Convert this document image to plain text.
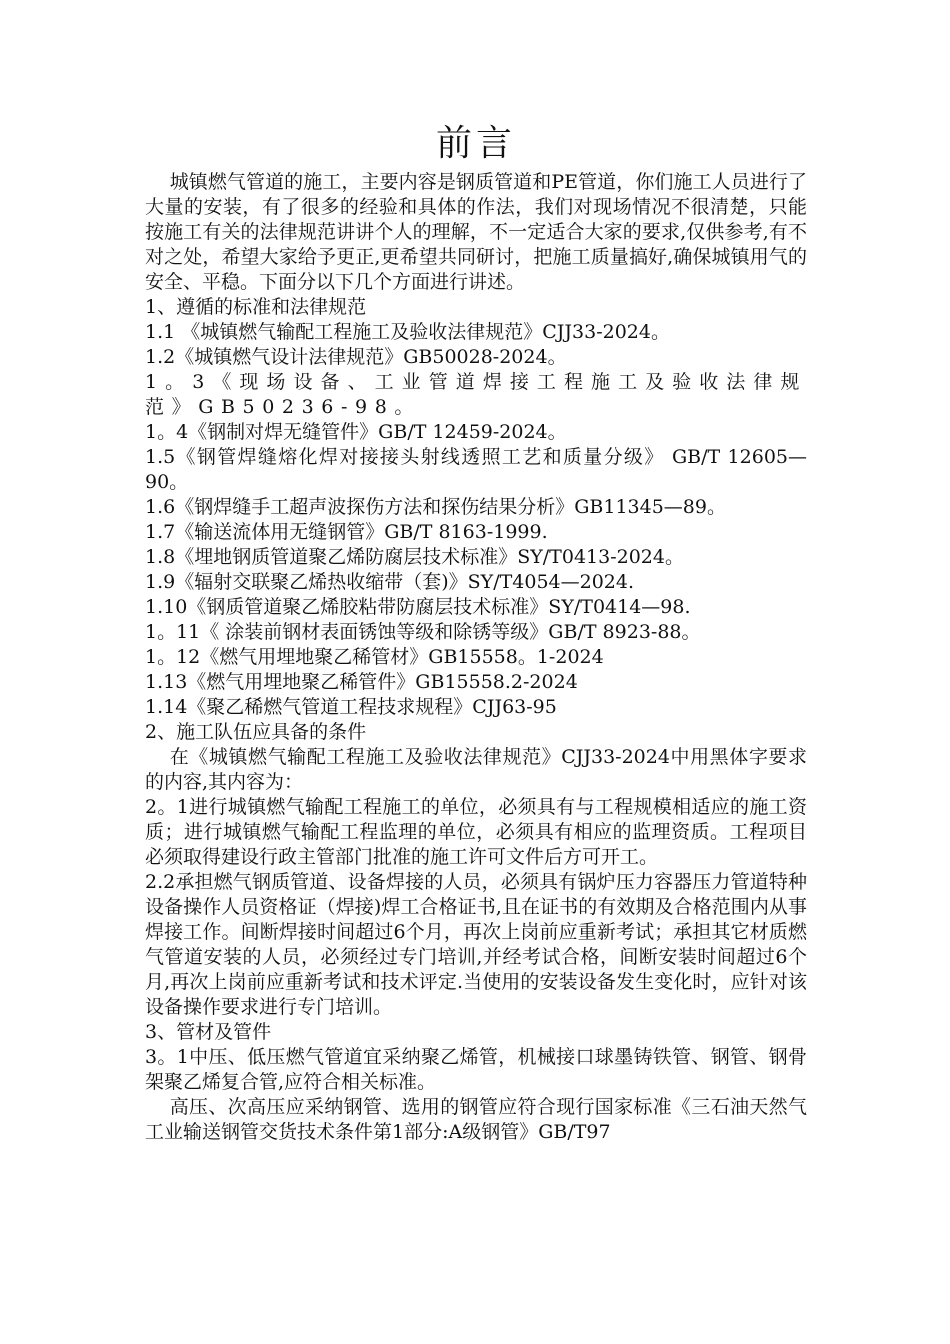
前言

城镇燃气管道的施工，主要内容是钢质管道和PE管道，你们施工人员进行了大量的安装，有了很多的经验和具体的作法，我们对现场情况不很清楚，只能按施工有关的法律规范讲讲个人的理解，不一定适合大家的要求,仅供参考,有不对之处，希望大家给予更正,更希望共同研讨，把施工质量搞好,确保城镇用气的安全、平稳。下面分以下几个方面进行讲述。

1、遵循的标准和法律规范

1.1 《城镇燃气输配工程施工及验收法律规范》CJJ33-2024。

1.2《城镇燃气设计法律规范》GB50028-2024。

1。3《现场设备、工业管道焊接工程施工及验收法律规范》GB50236-98。

1。4《钢制对焊无缝管件》GB/T 12459-2024。

1.5《钢管焊缝熔化焊对接接头射线透照工艺和质量分级》 GB/T 12605—90。

1.6《钢焊缝手工超声波探伤方法和探伤结果分析》GB11345—89。

1.7《输送流体用无缝钢管》GB/T 8163-1999.

1.8《埋地钢质管道聚乙烯防腐层技术标准》SY/T0413-2024。

1.9《辐射交联聚乙烯热收缩带（套)》SY/T4054—2024.

1.10《钢质管道聚乙烯胶粘带防腐层技术标准》SY/T0414—98.

1。11《 涂装前钢材表面锈蚀等级和除锈等级》GB/T 8923-88。

1。12《燃气用埋地聚乙稀管材》GB15558。1-2024

1.13《燃气用埋地聚乙稀管件》GB15558.2-2024

1.14《聚乙稀燃气管道工程技求规程》CJJ63-95

2、施工队伍应具备的条件

在《城镇燃气输配工程施工及验收法律规范》CJJ33-2024中用黑体字要求的内容,其内容为：

2。1进行城镇燃气输配工程施工的单位，必须具有与工程规模相适应的施工资质；进行城镇燃气输配工程监理的单位，必须具有相应的监理资质。工程项目必须取得建设行政主管部门批准的施工许可文件后方可开工。

2.2承担燃气钢质管道、设备焊接的人员，必须具有锅炉压力容器压力管道特种设备操作人员资格证（焊接)焊工合格证书,且在证书的有效期及合格范围内从事焊接工作。间断焊接时间超过6个月，再次上岗前应重新考试；承担其它材质燃气管道安装的人员，必须经过专门培训,并经考试合格，间断安装时间超过6个月,再次上岗前应重新考试和技术评定.当使用的安装设备发生变化时，应针对该设备操作要求进行专门培训。

3、管材及管件

3。1中压、低压燃气管道宜采纳聚乙烯管，机械接口球墨铸铁管、钢管、钢骨架聚乙烯复合管,应符合相关标准。

高压、次高压应采纳钢管、选用的钢管应符合现行国家标准《三石油天然气工业输送钢管交货技术条件第1部分:A级钢管》GB/T97
